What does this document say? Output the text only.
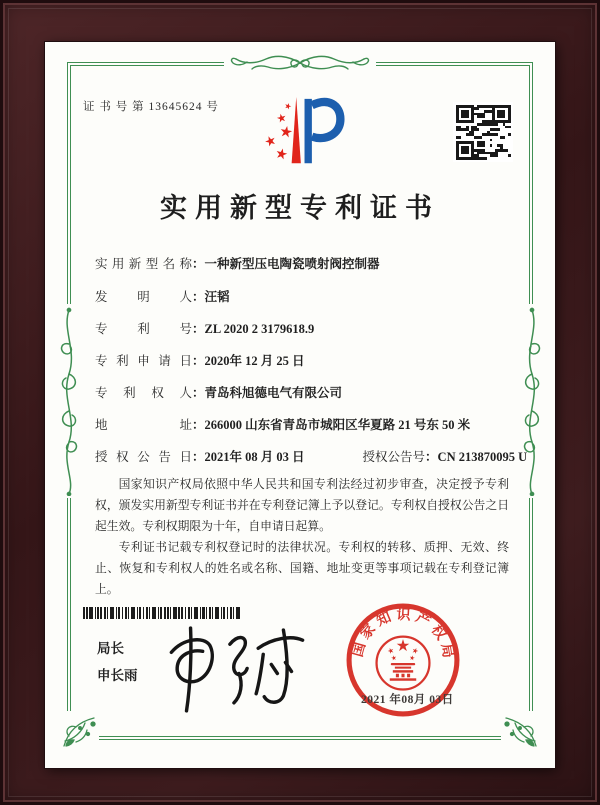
证 书 号 第 13645624 号
实用新型专利证书
实用新型名称：一种新型压电陶瓷喷射阀控制器
发明人：汪韬
专利号：ZL 2020 2 3179618.9
专利申请日：2020年 12 月 25 日
专利权人：青岛科旭德电气有限公司
地址：266000 山东省青岛市城阳区华夏路 21 号东 50 米
授权公告日：2021年 08 月 03 日	授权公告号：CN 213870095 U

国家知识产权局依照中华人民共和国专利法经过初步审查，决定授予专利权，颁发实用新型专利证书并在专利登记簿上予以登记。专利权自授权公告之日起生效。专利权期限为十年，自申请日起算。

专利证书记载专利权登记时的法律状况。专利权的转移、质押、无效、终止、恢复和专利权人的姓名或名称、国籍、地址变更等事项记载在专利登记簿上。

局长
申长雨
国家知识产权局
2021 年08月 03日
